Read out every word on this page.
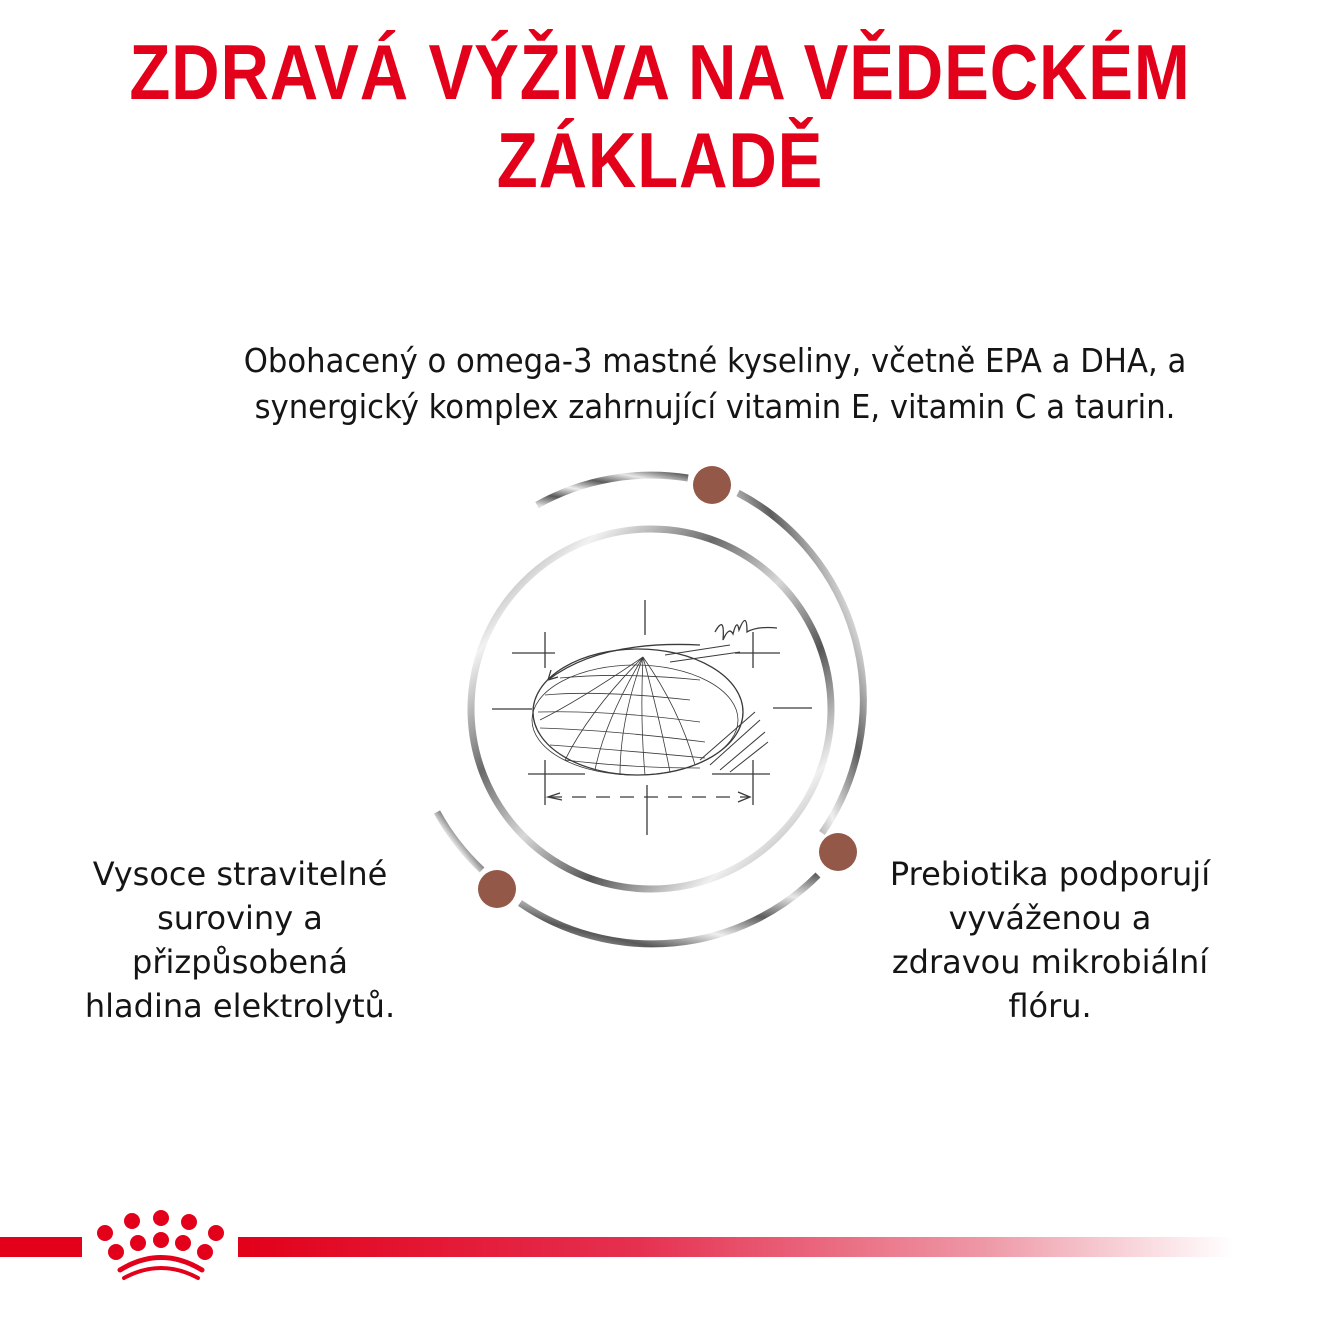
ZDRAVÁ VÝŽIVA NA VĚDECKÉM
ZÁKLADĚ
Obohacený o omega-3 mastné kyseliny, včetně EPA a DHA, a
synergický komplex zahrnující vitamin E, vitamin C a taurin.
Vysoce stravitelné
suroviny a
přizpůsobená
hladina elektrolytů.
Prebiotika podporují
vyváženou a
zdravou mikrobiální
flóru.
